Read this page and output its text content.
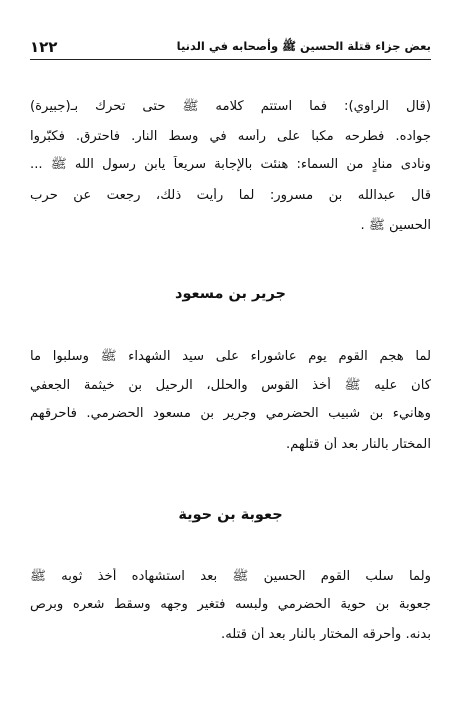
١٢٢	بعض جزاء قتلة الحسين ﷺ وأصحابه في الدنيا
(قال الراوي): فما استتم كلامه ﷺ حتى تحرك بـ(جبيرة)
جواده. فطرحه مكباً على رأسه في وسط النار. فاحترق. فكبّروا
ونادى منادٍ من السماء: هنئت بالإجابة سريعاً يابن رسول الله ﷺ ...
قال عبدالله بن مسرور: لما رأيت ذلك، رجعت عن حرب
الحسين ﷺ .
جرير بن مسعود
لما هجم القوم يوم عاشوراء على سيد الشهداء ﷺ وسلبوا ما
كان عليه ﷺ أخذ القوس والحلل، الرحيل بن خيثمة الجعفي
وهانيء بن شبيب الحضرمي وجرير بن مسعود الحضرمي. فأحرقهم
المختار بالنار بعد أن قتلهم.
جعوبة بن حوية
ولما سلب القوم الحسين ﷺ بعد استشهاده أخذ ثوبه ﷺ
جعوبة بن حوية الحضرمي ولبسه فتغير وجهه وسقط شعره وبرص
بدنه. وأحرقه المختار بالنار بعد أن قتله.
